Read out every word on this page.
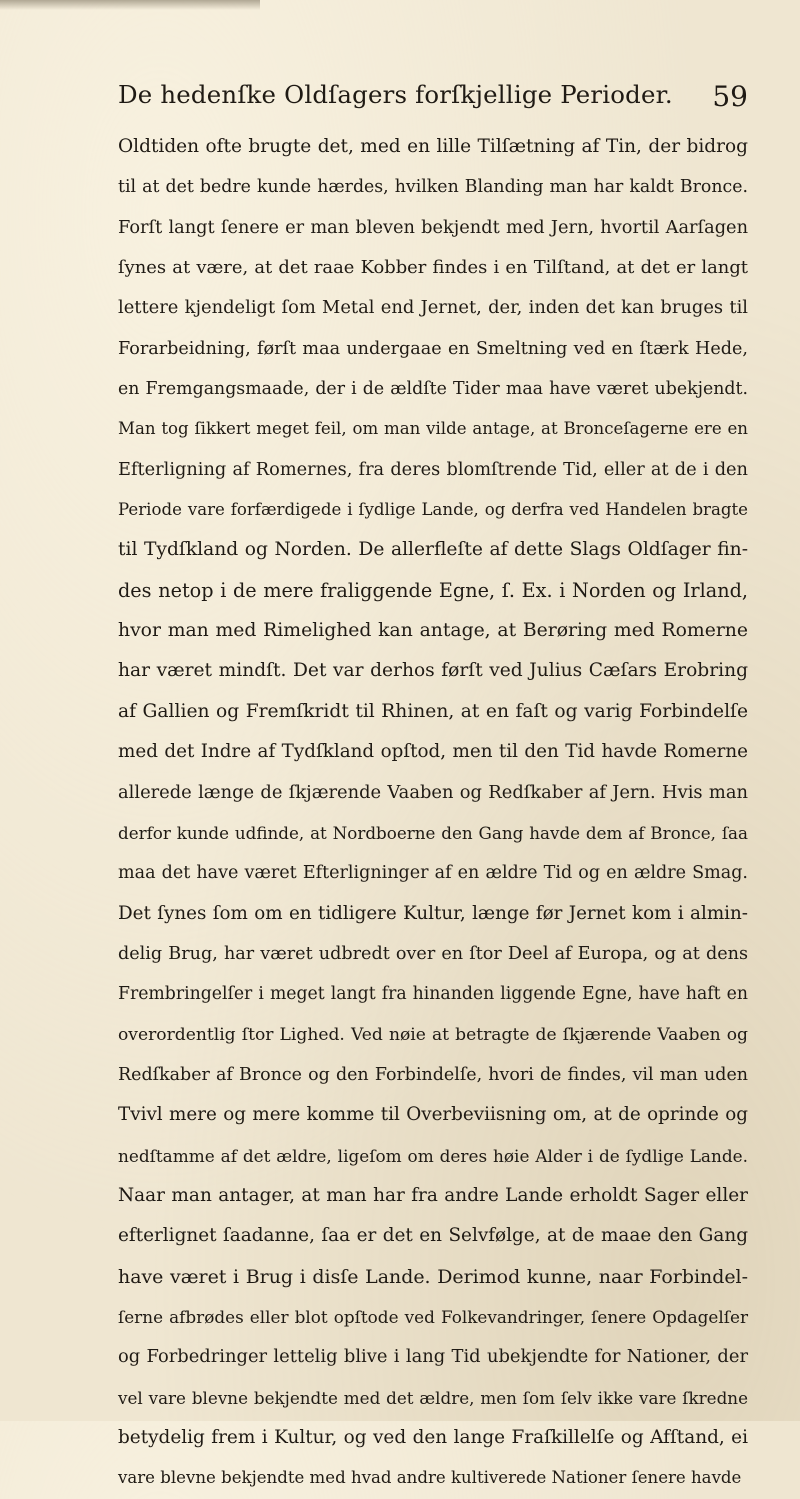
De hedenſke Oldſagers forſkjellige Perioder. 59
Oldtiden ofte brugte det, med en lille Tilſætning af Tin, der bidrog
til at det bedre kunde hærdes, hvilken Blanding man har kaldt Bronce.
Forſt langt ſenere er man bleven bekjendt med Jern, hvortil Aarſagen
ſynes at være, at det raae Kobber findes i en Tilſtand, at det er langt
lettere kjendeligt ſom Metal end Jernet, der, inden det kan bruges til
Forarbeidning, førſt maa undergaae en Smeltning ved en ſtærk Hede,
en Fremgangsmaade, der i de ældſte Tider maa have været ubekjendt.
Man tog ſikkert meget feil, om man vilde antage, at Bronceſagerne ere en
Efterligning af Romernes, fra deres blomſtrende Tid, eller at de i den
Periode vare forfærdigede i ſydlige Lande, og derfra ved Handelen bragte
til Tydſkland og Norden. De allerfleſte af dette Slags Oldſager fin-
des netop i de mere fraliggende Egne, ſ. Ex. i Norden og Irland,
hvor man med Rimelighed kan antage, at Berøring med Romerne
har været mindſt. Det var derhos førſt ved Julius Cæſars Erobring
af Gallien og Fremſkridt til Rhinen, at en faſt og varig Forbindelſe
med det Indre af Tydſkland opſtod, men til den Tid havde Romerne
allerede længe de ſkjærende Vaaben og Redſkaber af Jern. Hvis man
derfor kunde udfinde, at Nordboerne den Gang havde dem af Bronce, ſaa
maa det have været Efterligninger af en ældre Tid og en ældre Smag.
Det ſynes ſom om en tidligere Kultur, længe før Jernet kom i almin-
delig Brug, har været udbredt over en ſtor Deel af Europa, og at dens
Frembringelſer i meget langt fra hinanden liggende Egne, have haft en
overordentlig ſtor Lighed. Ved nøie at betragte de ſkjærende Vaaben og
Redſkaber af Bronce og den Forbindelſe, hvori de findes, vil man uden
Tvivl mere og mere komme til Overbeviisning om, at de oprinde og
nedſtamme af det ældre, ligeſom om deres høie Alder i de ſydlige Lande.
Naar man antager, at man har fra andre Lande erholdt Sager eller
efterlignet ſaadanne, ſaa er det en Selvfølge, at de maae den Gang
have været i Brug i disſe Lande. Derimod kunne, naar Forbindel-
ſerne afbrødes eller blot opſtode ved Folkevandringer, ſenere Opdagelſer
og Forbedringer lettelig blive i lang Tid ubekjendte for Nationer, der
vel vare blevne bekjendte med det ældre, men ſom ſelv ikke vare ſkredne
betydelig frem i Kultur, og ved den lange Fraſkillelſe og Afſtand, ei
vare blevne bekjendte med hvad andre kultiverede Nationer ſenere havde
